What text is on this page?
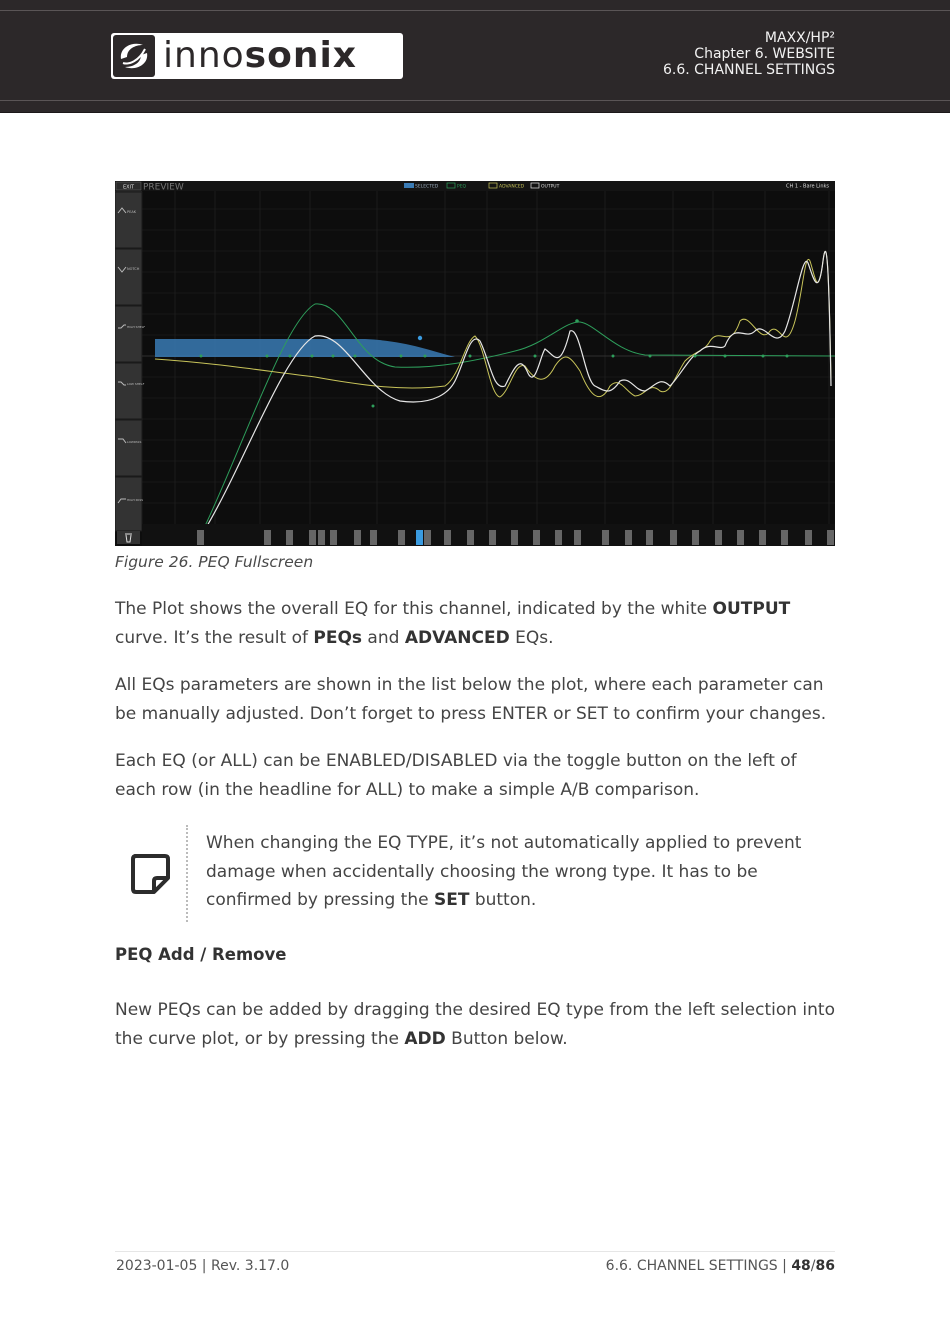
innosonix	MAXX/HP²
Chapter 6. WEBSITE
6.6. CHANNEL SETTINGS
EXIT PREVIEW	SELECTED	PEQ	ADVANCED	OUTPUT	CH 1 - Bare Links
PEAK
NOTCH
HIGH SHELF
LOW SHELF
LOWPASS
HIGH PASS
Figure 26. PEQ Fullscreen
The Plot shows the overall EQ for this channel, indicated by the white OUTPUT curve. It’s the result of PEQs and ADVANCED EQs.
All EQs parameters are shown in the list below the plot, where each parameter can be manually adjusted. Don’t forget to press ENTER or SET to confirm your changes.
Each EQ (or ALL) can be ENABLED/DISABLED via the toggle button on the left of each row (in the headline for ALL) to make a simple A/B comparison.
When changing the EQ TYPE, it’s not automatically applied to prevent damage when accidentally choosing the wrong type. It has to be confirmed by pressing the SET button.
PEQ Add / Remove
New PEQs can be added by dragging the desired EQ type from the left selection into the curve plot, or by pressing the ADD Button below.
2023-01-05 | Rev. 3.17.0	6.6. CHANNEL SETTINGS | 48/86
